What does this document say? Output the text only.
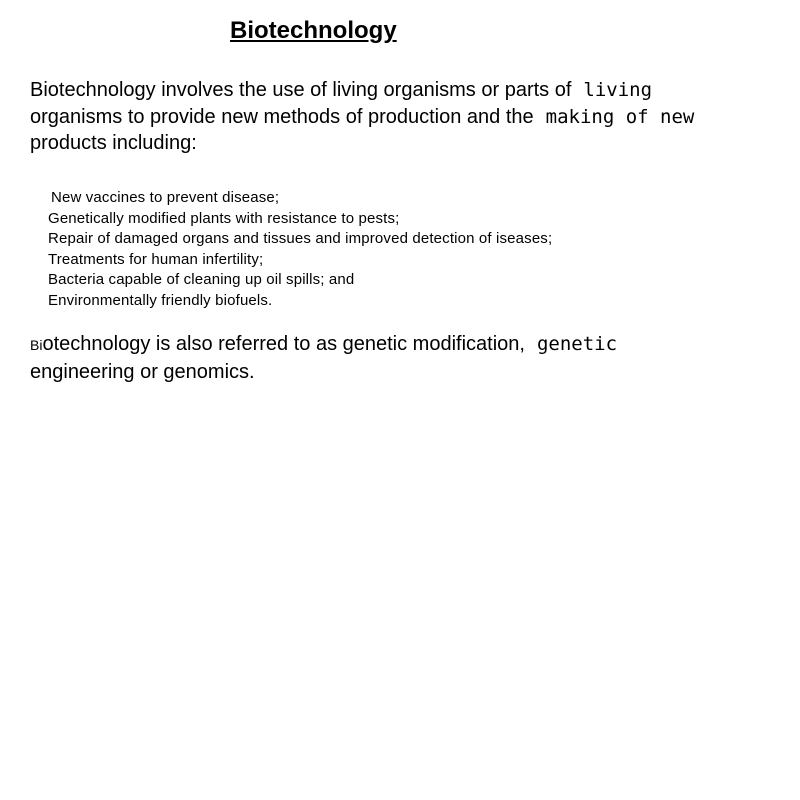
Biotechnology
Biotechnology involves the use of living organisms or parts of living
organisms to provide new methods of production and the making of new
products including:
New vaccines to prevent disease;
Genetically modified plants with resistance to pests;
Repair of damaged organs and tissues and improved detection of iseases;
Treatments for human infertility;
Bacteria capable of cleaning up oil spills; and
Environmentally friendly biofuels.
Biotechnology is also referred to as genetic modification, genetic
engineering or genomics.
